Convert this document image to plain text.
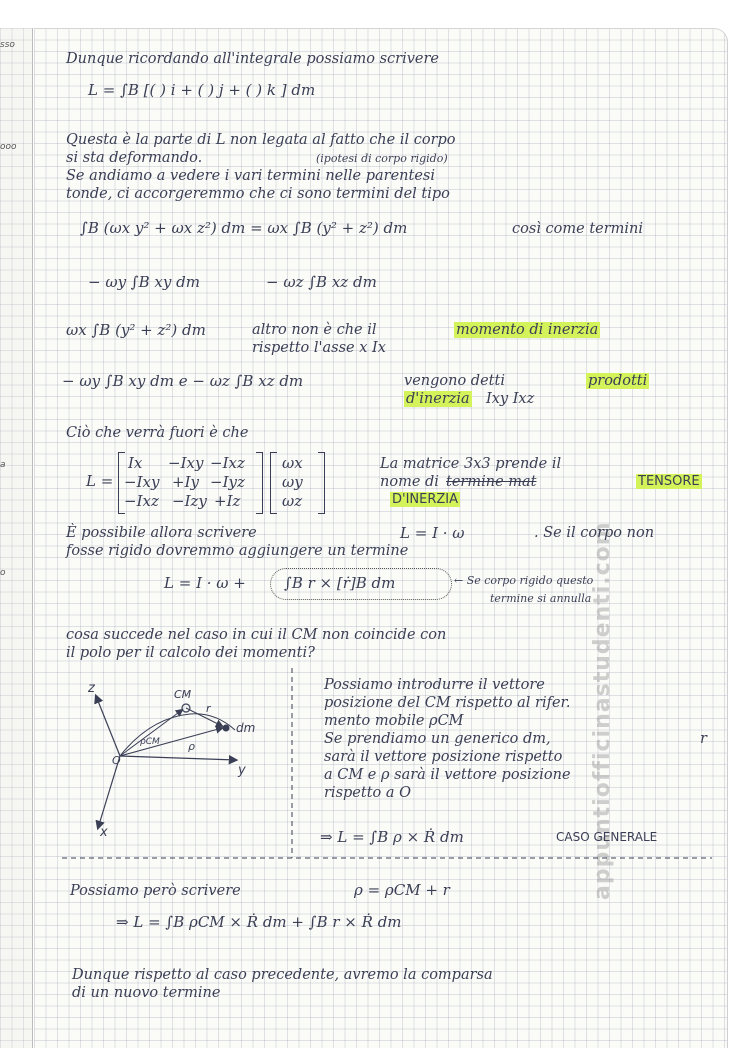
sso
ooo
a
o	appuntiofficinastudenti.com
Dunque ricordando all'integrale possiamo scrivere
L = ∫B [( ) i + ( ) j + ( ) k ] dm
Questa è la parte di L non legata al fatto che il corpo
si sta deformando.	(ipotesi di corpo rigido)
Se andiamo a vedere i vari termini nelle parentesi
tonde, ci accorgeremmo che ci sono termini del tipo
∫B (ωx y² + ωx z²) dm = ωx ∫B (y² + z²) dm	così come termini
− ωy ∫B xy dm	− ωz ∫B xz dm
ωx ∫B (y² + z²) dm	altro non è che il	momento di inerzia
rispetto l'asse x Ix
− ωy ∫B xy dm e − ωz ∫B xz dm	vengono detti	prodotti
d'inerzia Ixy Ixz
Ciò che verrà fuori è che
L =
Ix −Ixy −Ixz
−Ixy +Iy −Iyz
−Ixz −Izy +Iz
ωx
ωy
ωz
La matrice 3x3 prende il
nome di termine mat	TENSORE
D'INERZIA
È possibile allora scrivere	L = I · ω	. Se il corpo non
fosse rigido dovremmo aggiungere un termine
L = I · ω +	∫B r × [ṙ]B dm	← Se corpo rigido questo
termine si annulla
cosa succede nel caso in cui il CM non coincide con
il polo per il calcolo dei momenti?
z
y
x
O
CM
ρCM	ρ
r
dm
Possiamo introdurre il vettore
posizione del CM rispetto al rifer.
mento mobile ρCM
Se prendiamo un generico dm,	r
sarà il vettore posizione rispetto
a CM e ρ sarà il vettore posizione
rispetto a O
⇒ L = ∫B ρ × Ṙ dm	CASO GENERALE
Possiamo però scrivere	ρ = ρCM + r
⇒ L = ∫B ρCM × Ṙ dm + ∫B r × Ṙ dm
Dunque rispetto al caso precedente, avremo la comparsa
di un nuovo termine
